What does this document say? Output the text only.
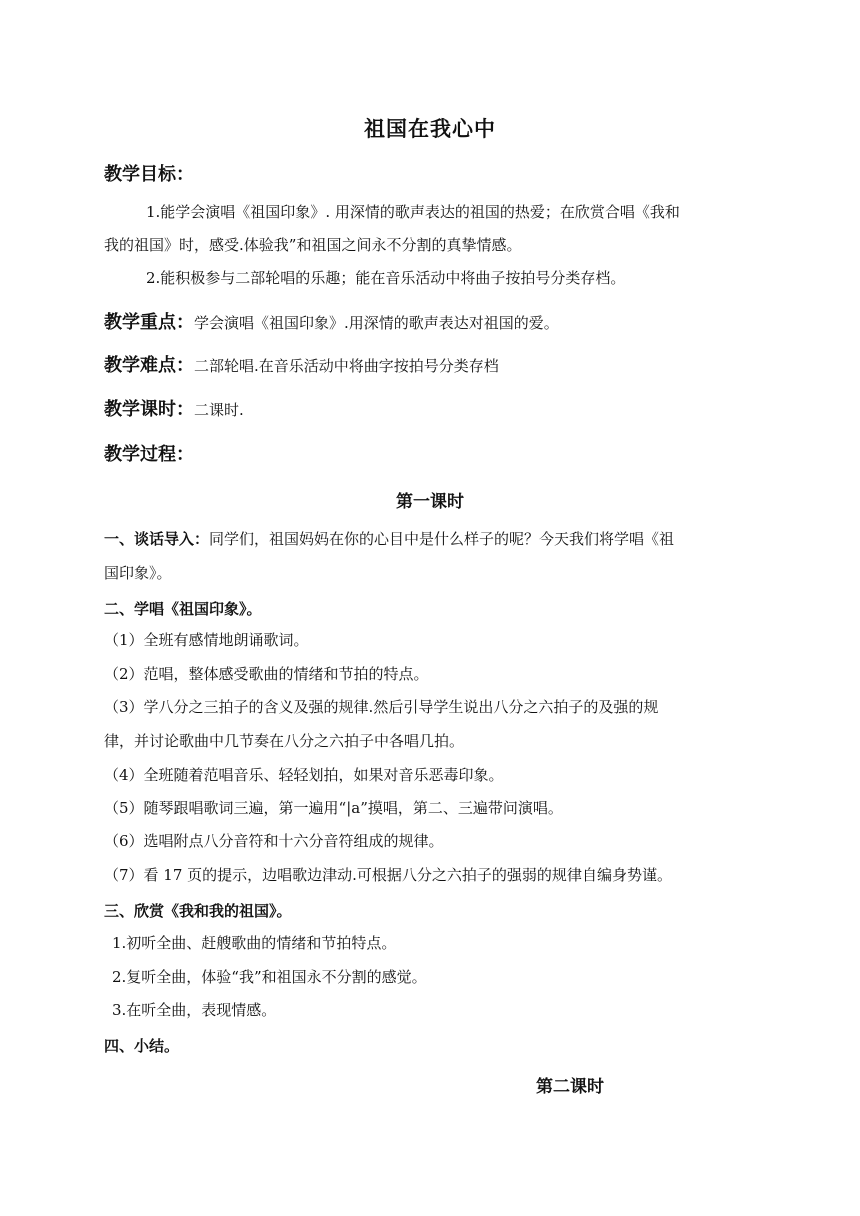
祖国在我心中
教学目标：
1.能学会演唱《祖国印象》. 用深情的歌声表达的祖国的热爱；在欣赏合唱《我和
我的祖国》时，感受.体验我”和祖国之间永不分割的真挚情感。
2.能积极参与二部轮唱的乐趣；能在音乐活动中将曲子按拍号分类存档。
教学重点：学会演唱《祖国印象》.用深情的歌声表达对祖国的爱。
教学难点：二部轮唱.在音乐活动中将曲字按拍号分类存档
教学课时：二课时.
教学过程：
第一课时
一、谈话导入：同学们，祖国妈妈在你的心目中是什么样子的呢？今天我们将学唱《祖
国印象》。
二、学唱《祖国印象》。
（1）全班有感情地朗诵歌词。
（2）范唱，整体感受歌曲的情绪和节拍的特点。
（3）学八分之三拍子的含义及强的规律.然后引导学生说出八分之六拍子的及强的规
律，并讨论歌曲中几节奏在八分之六拍子中各唱几拍。
（4）全班随着范唱音乐、轻轻划拍，如果对音乐恶毒印象。
（5）随琴跟唱歌词三遍，第一遍用“|a”摸唱，第二、三遍带问演唱。
（6）选唱附点八分音符和十六分音符组成的规律。
（7）看 17 页的提示，边唱歌边津动.可根据八分之六拍子的强弱的规律自编身势谨。
三、欣赏《我和我的祖国》。
1.初听全曲、赶艘歌曲的情绪和节拍特点。
2.复听全曲，体验“我”和祖国永不分割的感觉。
3.在听全曲，表现情感。
四、小结。
第二课时
